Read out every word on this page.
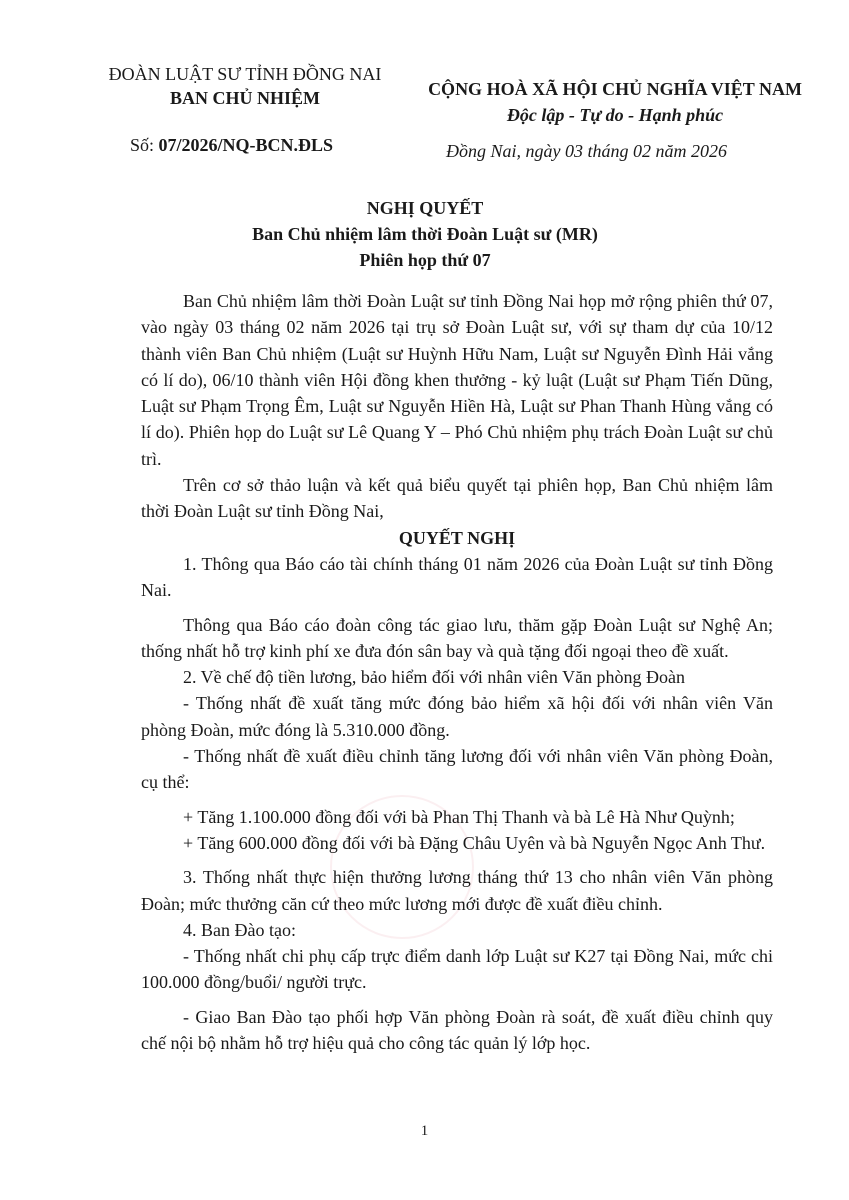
ĐOÀN LUẬT SƯ TỈNH ĐỒNG NAI
BAN CHỦ NHIỆM	CỘNG HOÀ XÃ HỘI CHỦ NGHĨA VIỆT NAM
Độc lập - Tự do - Hạnh phúc
Số: 07/2026/NQ-BCN.ĐLS	Đồng Nai, ngày 03 tháng 02 năm 2026
NGHỊ QUYẾT
Ban Chủ nhiệm lâm thời Đoàn Luật sư (MR)
Phiên họp thứ 07

Ban Chủ nhiệm lâm thời Đoàn Luật sư tỉnh Đồng Nai họp mở rộng phiên thứ 07, vào ngày 03 tháng 02 năm 2026 tại trụ sở Đoàn Luật sư, với sự tham dự của 10/12 thành viên Ban Chủ nhiệm (Luật sư Huỳnh Hữu Nam, Luật sư Nguyễn Đình Hải vắng có lí do), 06/10 thành viên Hội đồng khen thưởng - kỷ luật (Luật sư Phạm Tiến Dũng, Luật sư Phạm Trọng Êm, Luật sư Nguyễn Hiền Hà, Luật sư Phan Thanh Hùng vắng có lí do). Phiên họp do Luật sư Lê Quang Y – Phó Chủ nhiệm phụ trách Đoàn Luật sư chủ trì.

Trên cơ sở thảo luận và kết quả biểu quyết tại phiên họp, Ban Chủ nhiệm lâm thời Đoàn Luật sư tỉnh Đồng Nai,

QUYẾT NGHỊ

1. Thông qua Báo cáo tài chính tháng 01 năm 2026 của Đoàn Luật sư tỉnh Đồng Nai.

Thông qua Báo cáo đoàn công tác giao lưu, thăm gặp Đoàn Luật sư Nghệ An; thống nhất hỗ trợ kinh phí xe đưa đón sân bay và quà tặng đối ngoại theo đề xuất.

2. Về chế độ tiền lương, bảo hiểm đối với nhân viên Văn phòng Đoàn

- Thống nhất đề xuất tăng mức đóng bảo hiểm xã hội đối với nhân viên Văn phòng Đoàn, mức đóng là 5.310.000 đồng.

- Thống nhất đề xuất điều chỉnh tăng lương đối với nhân viên Văn phòng Đoàn, cụ thể:

+ Tăng 1.100.000 đồng đối với bà Phan Thị Thanh và bà Lê Hà Như Quỳnh;

+ Tăng 600.000 đồng đối với bà Đặng Châu Uyên và bà Nguyễn Ngọc Anh Thư.

3. Thống nhất thực hiện thưởng lương tháng thứ 13 cho nhân viên Văn phòng Đoàn; mức thưởng căn cứ theo mức lương mới được đề xuất điều chỉnh.

4. Ban Đào tạo:

- Thống nhất chi phụ cấp trực điểm danh lớp Luật sư K27 tại Đồng Nai, mức chi 100.000 đồng/buổi/ người trực.

- Giao Ban Đào tạo phối hợp Văn phòng Đoàn rà soát, đề xuất điều chỉnh quy chế nội bộ nhằm hỗ trợ hiệu quả cho công tác quản lý lớp học.

1
